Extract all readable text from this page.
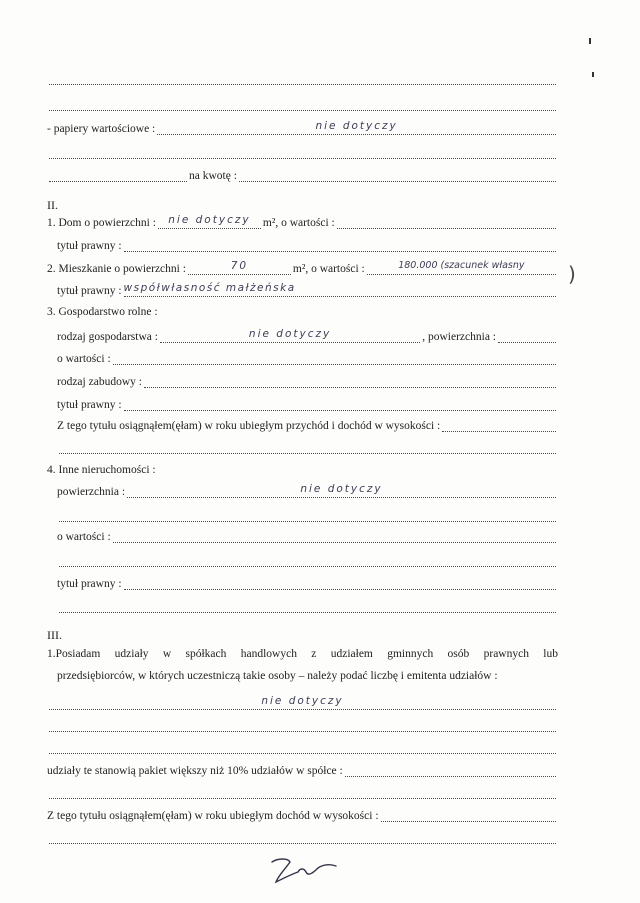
- papiery wartościowe :	nie dotyczy
na kwotę :
II.
1. Dom o powierzchni : nie dotyczy m², o wartości :
tytuł prawny :
2. Mieszkanie o powierzchni :	70	m², o wartości :	180.000 (szacunek własny )
tytuł prawny : współwłasność małżeńska
3. Gospodarstwo rolne :
rodzaj gospodarstwa :	nie dotyczy	, powierzchnia :
o wartości :
rodzaj zabudowy :
tytuł prawny :
Z tego tytułu osiągnąłem(ęłam) w roku ubiegłym przychód i dochód w wysokości :
4. Inne nieruchomości :
powierzchnia :	nie dotyczy
o wartości :
tytuł prawny :
III.
1.Posiadam udziały w spółkach handlowych z udziałem gminnych osób prawnych lub
przedsiębiorców, w których uczestniczą takie osoby – należy podać liczbę i emitenta udziałów :
nie dotyczy
udziały te stanowią pakiet większy niż 10% udziałów w spółce :
Z tego tytułu osiągnąłem(ęłam) w roku ubiegłym dochód w wysokości :
